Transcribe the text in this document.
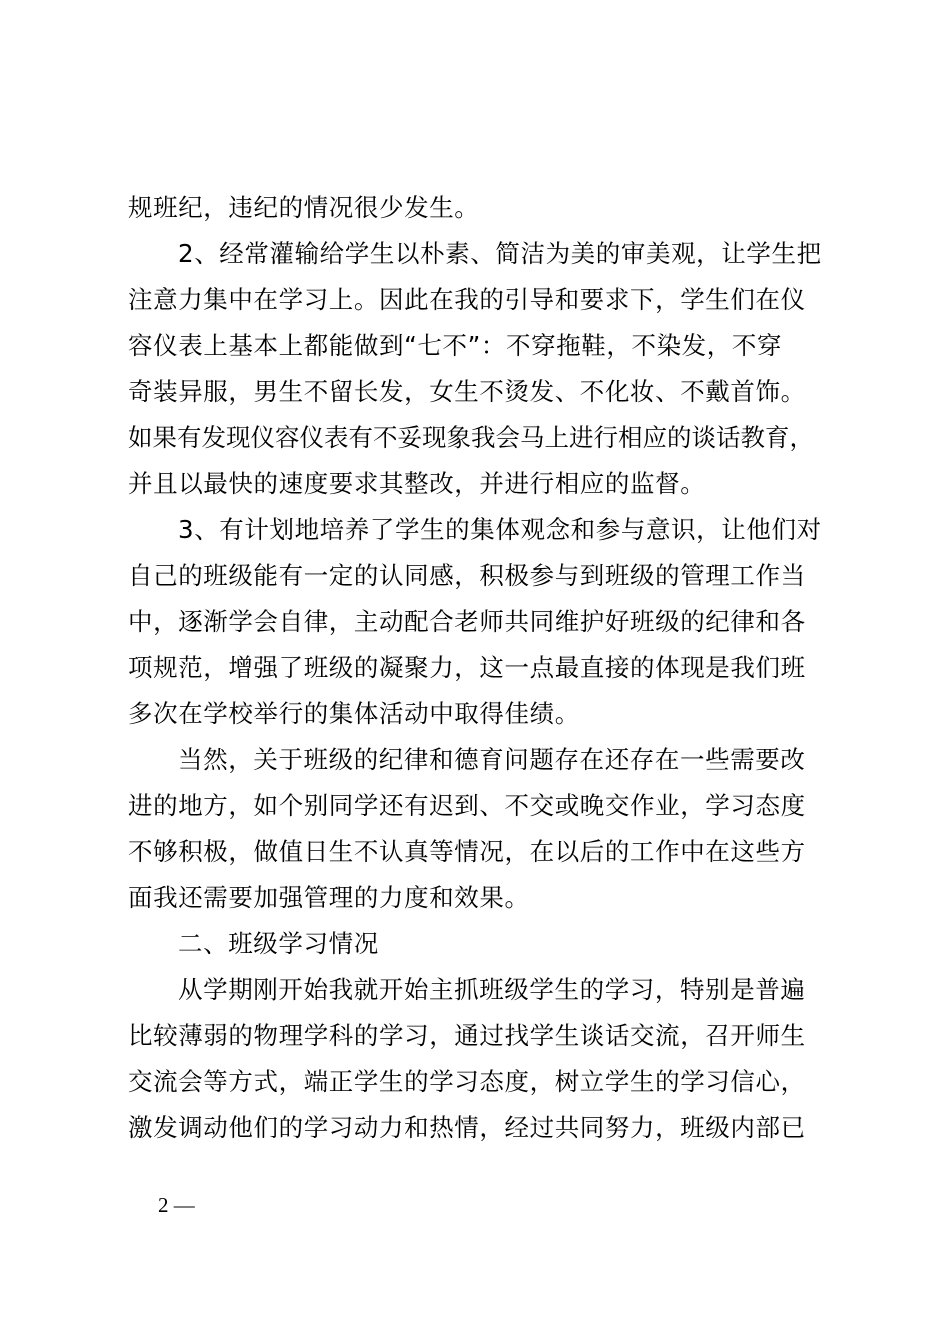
规班纪，违纪的情况很少发生。
2、经常灌输给学生以朴素、简洁为美的审美观，让学生把
注意力集中在学习上。因此在我的引导和要求下，学生们在仪
容仪表上基本上都能做到“七不”：不穿拖鞋，不染发，不穿
奇装异服，男生不留长发，女生不烫发、不化妆、不戴首饰。
如果有发现仪容仪表有不妥现象我会马上进行相应的谈话教育，
并且以最快的速度要求其整改，并进行相应的监督。
3、有计划地培养了学生的集体观念和参与意识，让他们对
自己的班级能有一定的认同感，积极参与到班级的管理工作当
中，逐渐学会自律，主动配合老师共同维护好班级的纪律和各
项规范，增强了班级的凝聚力，这一点最直接的体现是我们班
多次在学校举行的集体活动中取得佳绩。
当然，关于班级的纪律和德育问题存在还存在一些需要改
进的地方，如个别同学还有迟到、不交或晚交作业，学习态度
不够积极，做值日生不认真等情况，在以后的工作中在这些方
面我还需要加强管理的力度和效果。
二、班级学习情况
从学期刚开始我就开始主抓班级学生的学习，特别是普遍
比较薄弱的物理学科的学习，通过找学生谈话交流，召开师生
交流会等方式，端正学生的学习态度，树立学生的学习信心，
激发调动他们的学习动力和热情，经过共同努力，班级内部已
2 —
